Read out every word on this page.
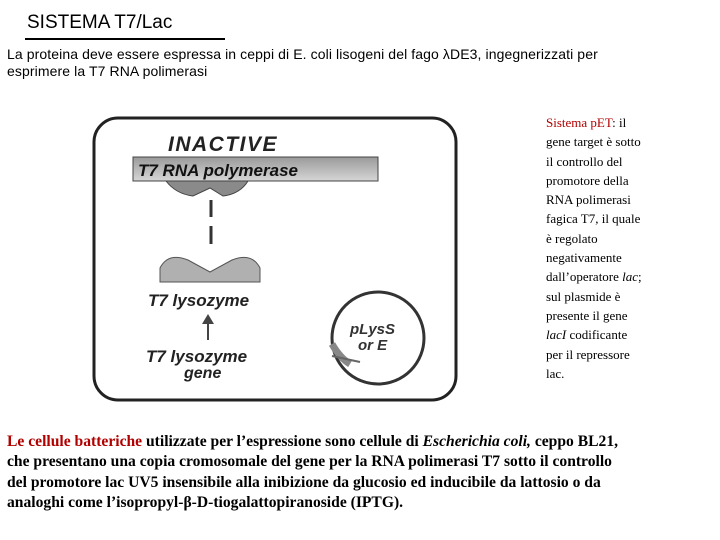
SISTEMA T7/Lac
La proteina deve essere espressa in ceppi di E. coli lisogeni del fago λDE3, ingegnerizzati per
esprimere la T7 RNA polimerasi
INACTIVE
T7 RNA polymerase
T7 lysozyme
T7 lysozyme
gene
pLysS
or E
Sistema pET: il
gene target è sotto
il controllo del
promotore della
RNA polimerasi
fagica T7, il quale
è regolato
negativamente
dall’operatore lac;
sul plasmide è
presente il gene
lacI codificante
per il repressore
lac.
Le cellule batteriche utilizzate per l’espressione sono cellule di Escherichia coli, ceppo BL21,
che presentano una copia cromosomale del gene per la RNA polimerasi T7 sotto il controllo
del promotore lac UV5 insensibile alla inibizione da glucosio ed inducibile da lattosio o da
analoghi come l’isopropyl-β-D-tiogalattopiranoside (IPTG).
